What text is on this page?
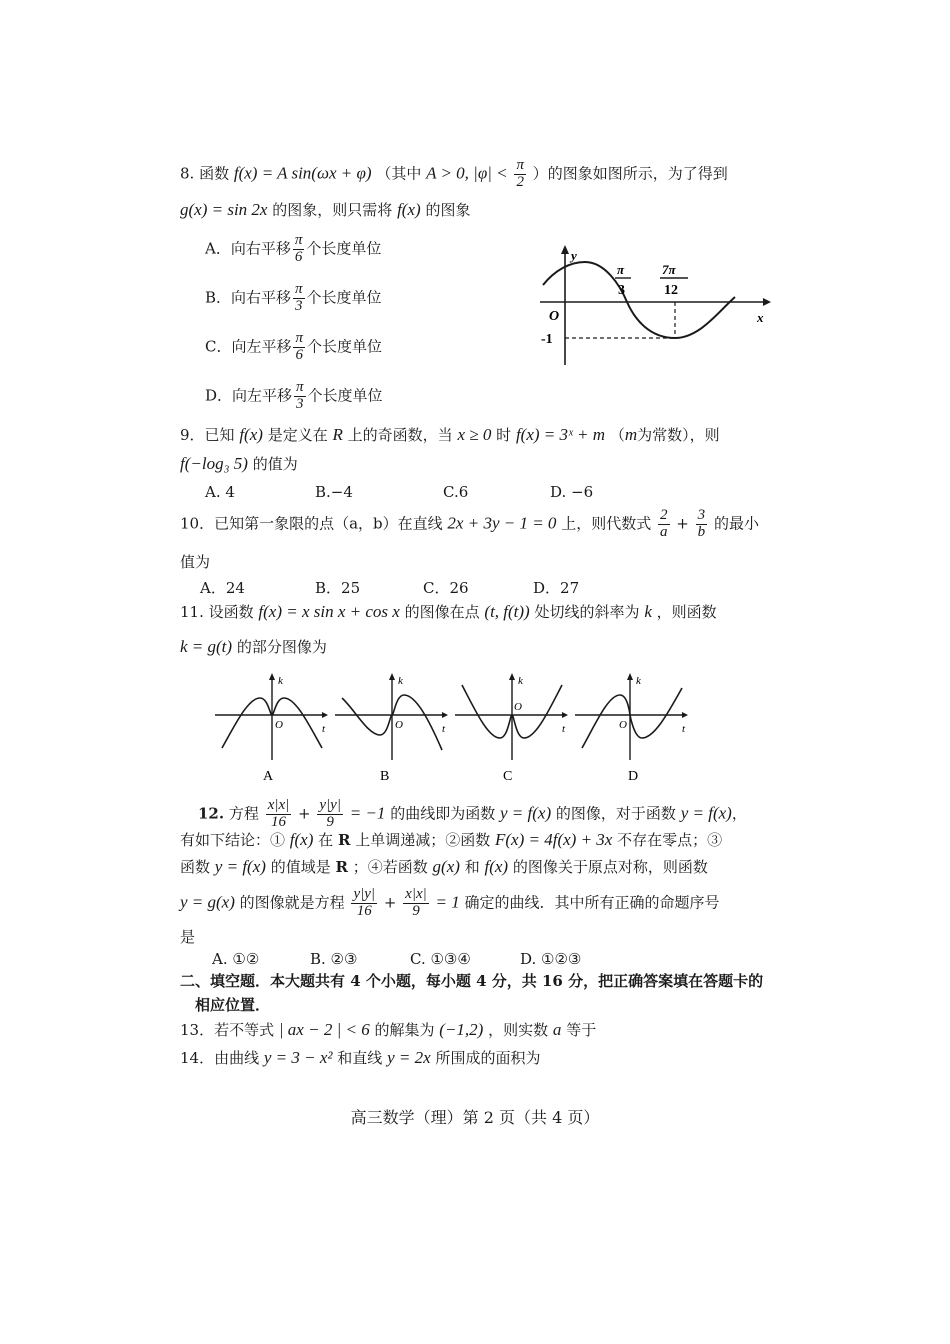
8. 函数 f(x) = A sin(ωx + φ) （其中 A > 0, $|\varphi| < \frac{\pi}{2}$ ）的图象如图所示，为了得到
g(x) = sin 2x 的图象，则只需将 f(x) 的图象
A．向右平移 $\frac{\pi}{6}$ 个长度单位
B．向右平移 $\frac{\pi}{3}$ 个长度单位
C．向左平移 $\frac{\pi}{6}$ 个长度单位
D．向左平移 $\frac{\pi}{3}$ 个长度单位
y
x
O
-1
π
3
7π
12
9．已知 f(x) 是定义在 R 上的奇函数，当 x ≥ 0 时 f(x) = 3ˣ + m （m为常数），则
f(−log₃ 5) 的值为
A. 4	B.−4	C.6	D. −6
10．已知第一象限的点（a，b）在直线 2x + 3y − 1 = 0 上，则代数式 $\frac{2}{a} + \frac{3}{b}$ 的最小
值为
A．24	B．25	C．26	D．27
11. 设函数 f(x) = x sin x + cos x 的图像在点 (t, f(t)) 处切线的斜率为 k ，则函数
k = g(t) 的部分图像为
k
O	t
A
k
O	t
B
k
O
t
C
k
O	t
D
12. 方程 $\frac{x|x|}{16} + \frac{y|y|}{9} = -1$ 的曲线即为函数 y = f(x) 的图像，对于函数 y = f(x)，
有如下结论：① f(x) 在 R 上单调递减；②函数 F(x) = 4f(x) + 3x 不存在零点；③
函数 y = f(x) 的值域是 R ；④若函数 g(x) 和 f(x) 的图像关于原点对称，则函数
y = g(x) 的图像就是方程 $\frac{y|y|}{16} + \frac{x|x|}{9} = 1$ 确定的曲线．其中所有正确的命题序号
是
A. ①②	B. ②③	C. ①③④	D. ①②③
二、填空题．本大题共有 4 个小题，每小题 4 分，共 16 分，把正确答案填在答题卡的
相应位置．
13．若不等式 | ax − 2 | < 6 的解集为 (−1,2) ，则实数 a 等于
14．由曲线 y = 3 − x² 和直线 y = 2x 所围成的面积为
高三数学（理）第 2 页（共 4 页）
